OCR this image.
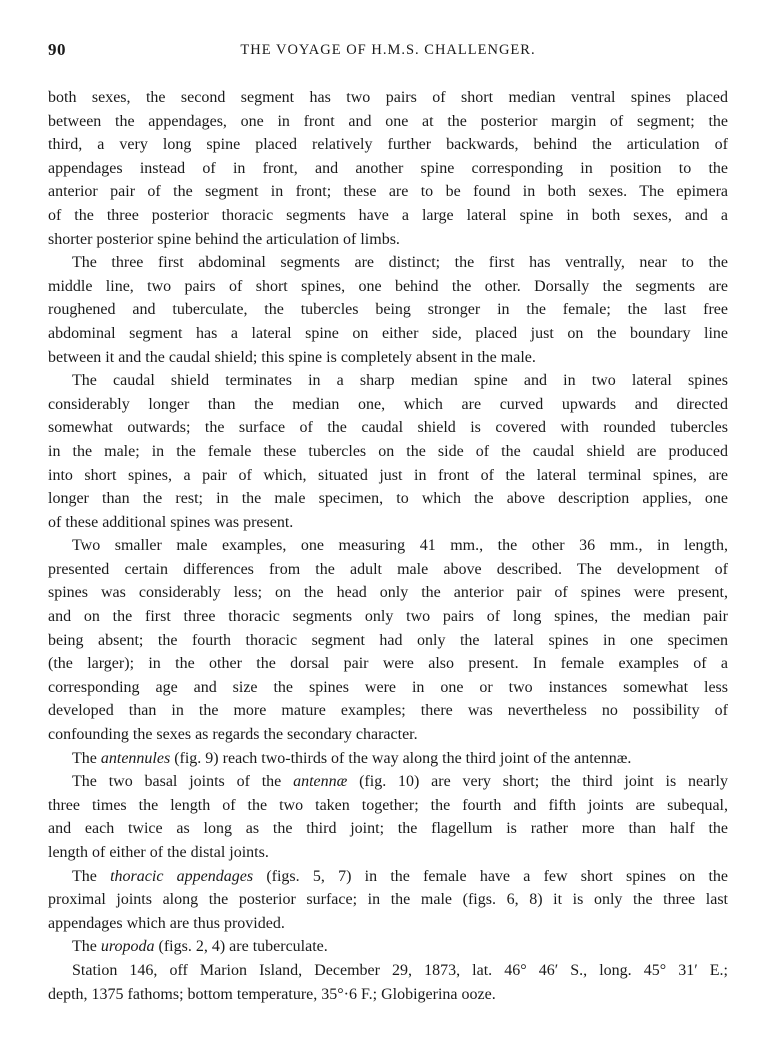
90	THE VOYAGE OF H.M.S. CHALLENGER.
both sexes, the second segment has two pairs of short median ventral spines placed
between the appendages, one in front and one at the posterior margin of segment; the
third, a very long spine placed relatively further backwards, behind the articulation of
appendages instead of in front, and another spine corresponding in position to the
anterior pair of the segment in front; these are to be found in both sexes. The epimera
of the three posterior thoracic segments have a large lateral spine in both sexes, and a
shorter posterior spine behind the articulation of limbs.
The three first abdominal segments are distinct; the first has ventrally, near to the
middle line, two pairs of short spines, one behind the other. Dorsally the segments are
roughened and tuberculate, the tubercles being stronger in the female; the last free
abdominal segment has a lateral spine on either side, placed just on the boundary line
between it and the caudal shield; this spine is completely absent in the male.
The caudal shield terminates in a sharp median spine and in two lateral spines
considerably longer than the median one, which are curved upwards and directed
somewhat outwards; the surface of the caudal shield is covered with rounded tubercles
in the male; in the female these tubercles on the side of the caudal shield are produced
into short spines, a pair of which, situated just in front of the lateral terminal spines, are
longer than the rest; in the male specimen, to which the above description applies, one
of these additional spines was present.
Two smaller male examples, one measuring 41 mm., the other 36 mm., in length,
presented certain differences from the adult male above described. The development of
spines was considerably less; on the head only the anterior pair of spines were present,
and on the first three thoracic segments only two pairs of long spines, the median pair
being absent; the fourth thoracic segment had only the lateral spines in one specimen
(the larger); in the other the dorsal pair were also present. In female examples of a
corresponding age and size the spines were in one or two instances somewhat less
developed than in the more mature examples; there was nevertheless no possibility of
confounding the sexes as regards the secondary character.
The antennules (fig. 9) reach two-thirds of the way along the third joint of the antennæ.
The two basal joints of the antennæ (fig. 10) are very short; the third joint is nearly
three times the length of the two taken together; the fourth and fifth joints are subequal,
and each twice as long as the third joint; the flagellum is rather more than half the
length of either of the distal joints.
The thoracic appendages (figs. 5, 7) in the female have a few short spines on the
proximal joints along the posterior surface; in the male (figs. 6, 8) it is only the three last
appendages which are thus provided.
The uropoda (figs. 2, 4) are tuberculate.
Station 146, off Marion Island, December 29, 1873, lat. 46° 46′ S., long. 45° 31′ E.;
depth, 1375 fathoms; bottom temperature, 35°·6 F.; Globigerina ooze.
